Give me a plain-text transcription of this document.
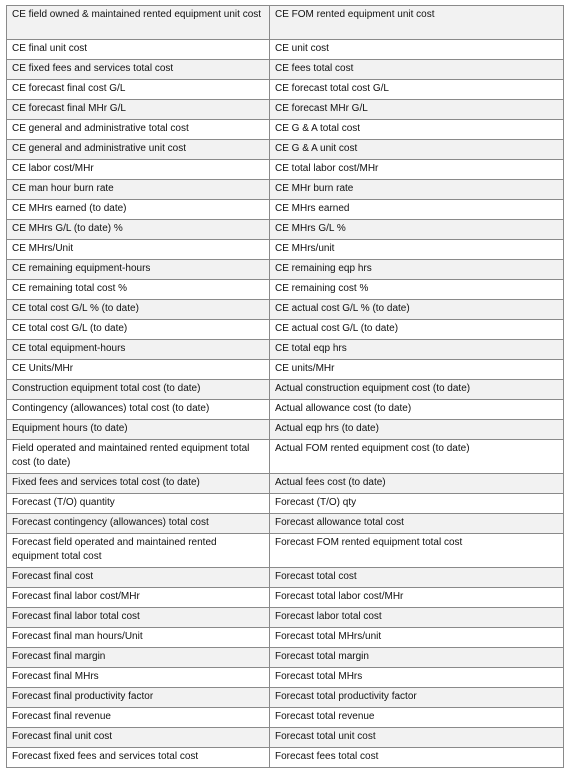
CE field owned & maintained rented equipment unit cost	CE FOM rented equipment unit cost
CE final unit cost	CE unit cost
CE fixed fees and services total cost	CE fees total cost
CE forecast final cost G/L	CE forecast total cost G/L
CE forecast final MHr G/L	CE forecast MHr G/L
CE general and administrative total cost	CE G & A total cost
CE general and administrative unit cost	CE G & A unit cost
CE labor cost/MHr	CE total labor cost/MHr
CE man hour burn rate	CE MHr burn rate
CE MHrs earned (to date)	CE MHrs earned
CE MHrs G/L (to date) %	CE MHrs G/L %
CE MHrs/Unit	CE MHrs/unit
CE remaining equipment-hours	CE remaining eqp hrs
CE remaining total cost %	CE remaining cost %
CE total cost G/L % (to date)	CE actual cost G/L % (to date)
CE total cost G/L (to date)	CE actual cost G/L (to date)
CE total equipment-hours	CE total eqp hrs
CE Units/MHr	CE units/MHr
Construction equipment total cost (to date)	Actual construction equipment cost (to date)
Contingency (allowances) total cost (to date)	Actual allowance cost (to date)
Equipment hours (to date)	Actual eqp hrs (to date)
Field operated and maintained rented equipment total cost (to date)	Actual FOM rented equipment cost (to date)
Fixed fees and services total cost (to date)	Actual fees cost (to date)
Forecast (T/O) quantity	Forecast (T/O) qty
Forecast contingency (allowances) total cost	Forecast allowance total cost
Forecast field operated and maintained rented equipment total cost	Forecast FOM rented equipment total cost
Forecast final cost	Forecast total cost
Forecast final labor cost/MHr	Forecast total labor cost/MHr
Forecast final labor total cost	Forecast labor total cost
Forecast final man hours/Unit	Forecast total MHrs/unit
Forecast final margin	Forecast total margin
Forecast final MHrs	Forecast total MHrs
Forecast final productivity factor	Forecast total productivity factor
Forecast final revenue	Forecast total revenue
Forecast final unit cost	Forecast total unit cost
Forecast fixed fees and services total cost	Forecast fees total cost
